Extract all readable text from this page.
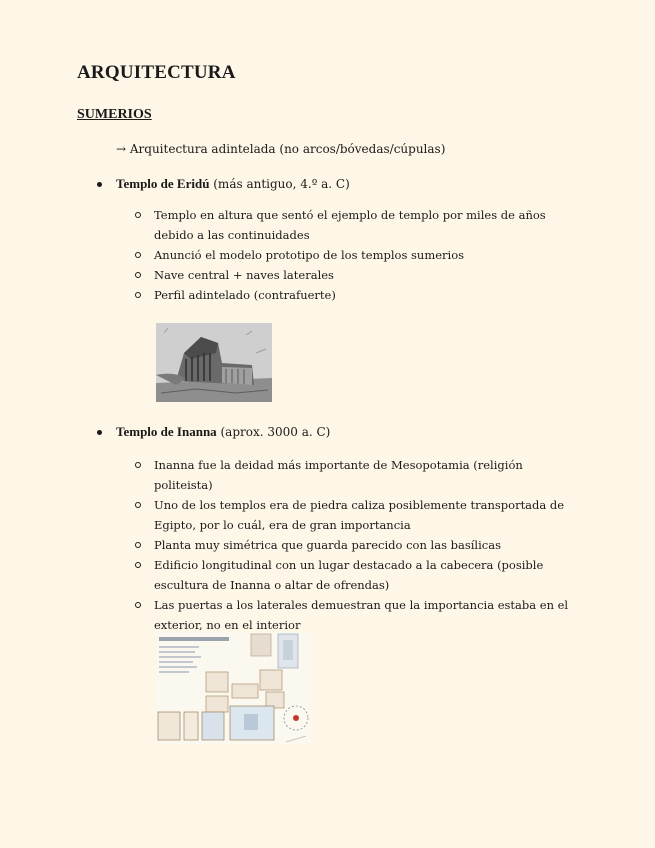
ARQUITECTURA
SUMERIOS
→ Arquitectura adintelada (no arcos/bóvedas/cúpulas)
Templo de Eridú (más antiguo, 4.º a. C)
Templo en altura que sentó el ejemplo de templo por miles de años debido a las continuidades
Anunció el modelo prototipo de los templos sumerios
Nave central + naves laterales
Perfil adintelado (contrafuerte)
Templo de Inanna (aprox. 3000 a. C)
Inanna fue la deidad más importante de Mesopotamia (religión politeista)
Uno de los templos era de piedra caliza posiblemente transportada de Egipto, por lo cuál, era de gran importancia
Planta muy simétrica que guarda parecido con las basílicas
Edificio longitudinal con un lugar destacado a la cabecera (posible escultura de Inanna o altar de ofrendas)
Las puertas a los laterales demuestran que la importancia estaba en el exterior, no en el interior
